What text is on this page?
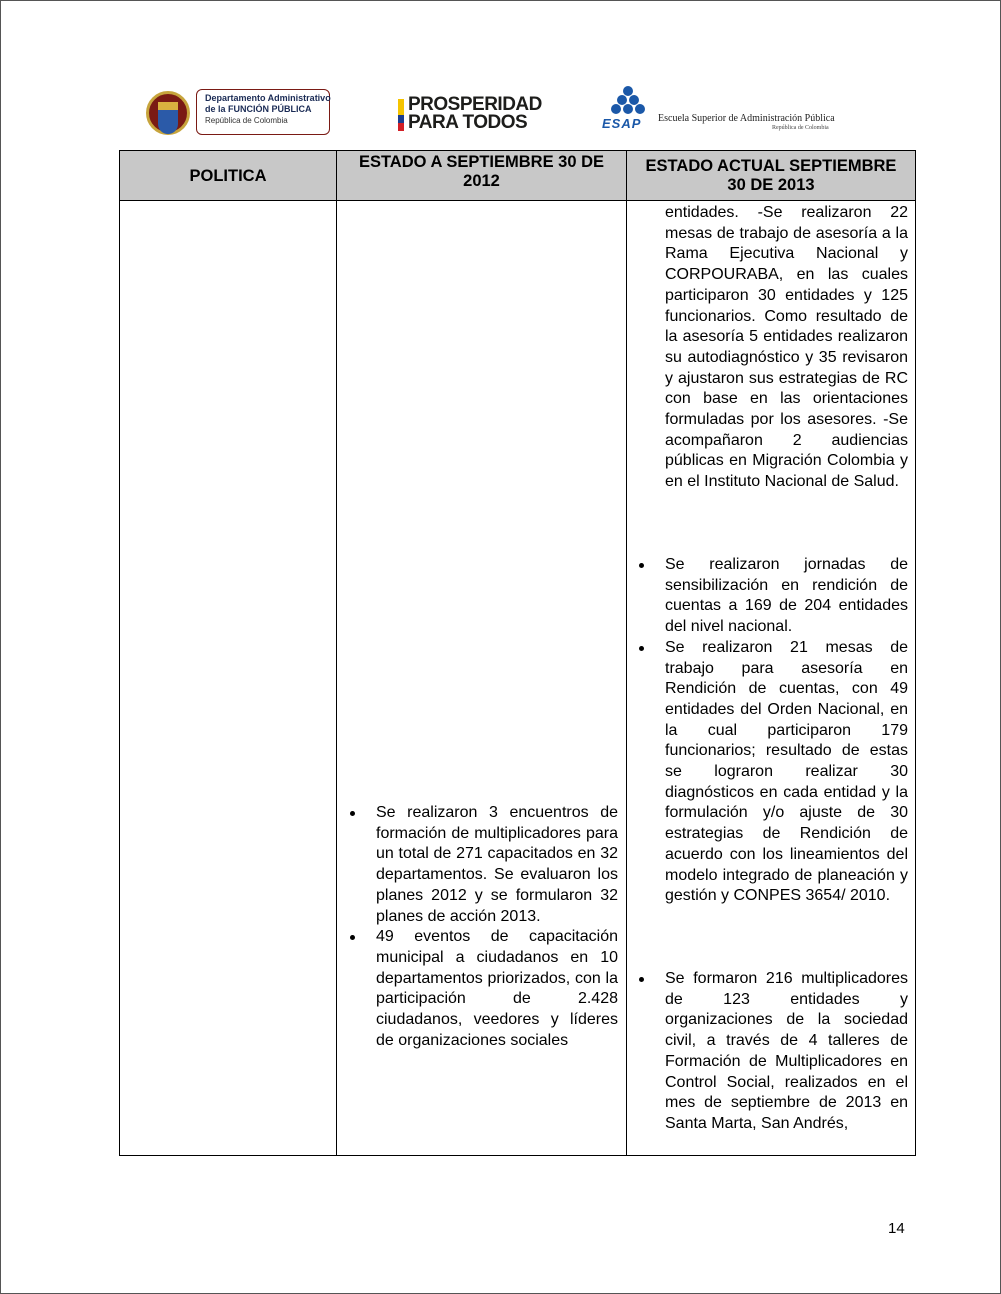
Departamento Administrativo
de la FUNCIÓN PÚBLICA
República de Colombia
PROSPERIDAD
PARA TODOS	ESAP Escuela Superior de Administración Pública
República de Colombia
POLITICA
ESTADO A SEPTIEMBRE 30 DE 2012
ESTADO ACTUAL SEPTIEMBRE 30 DE 2013

entidades. -Se realizaron 22 mesas de trabajo de asesoría a la Rama Ejecutiva Nacional y CORPOURABA, en las cuales participaron 30 entidades y 125 funcionarios. Como resultado de la asesoría 5 entidades realizaron su autodiagnóstico y 35 revisaron y ajustaron sus estrategias de RC con base en las orientaciones formuladas por los asesores. -Se acompañaron 2 audiencias públicas en Migración Colombia y en el Instituto Nacional de Salud.

Se realizaron jornadas de sensibilización en rendición de cuentas a 169 de 204 entidades del nivel nacional.
Se realizaron 21 mesas de trabajo para asesoría en Rendición de cuentas, con 49 entidades del Orden Nacional, en la cual participaron 179 funcionarios; resultado de estas se lograron realizar 30 diagnósticos en cada entidad y la formulación y/o ajuste de 30 estrategias de Rendición de acuerdo con los lineamientos del modelo integrado de planeación y gestión y CONPES 3654/ 2010.
Se formaron 216 multiplicadores de 123 entidades y organizaciones de la sociedad civil, a través de 4 talleres de Formación de Multiplicadores en Control Social, realizados en el mes de septiembre de 2013 en Santa Marta, San Andrés,
Se realizaron 3 encuentros de formación de multiplicadores para un total de 271 capacitados en 32 departamentos. Se evaluaron los planes 2012 y se formularon 32 planes de acción 2013.
49 eventos de capacitación municipal a ciudadanos en 10 departamentos priorizados, con la participación de 2.428 ciudadanos, veedores y líderes de organizaciones sociales
14
